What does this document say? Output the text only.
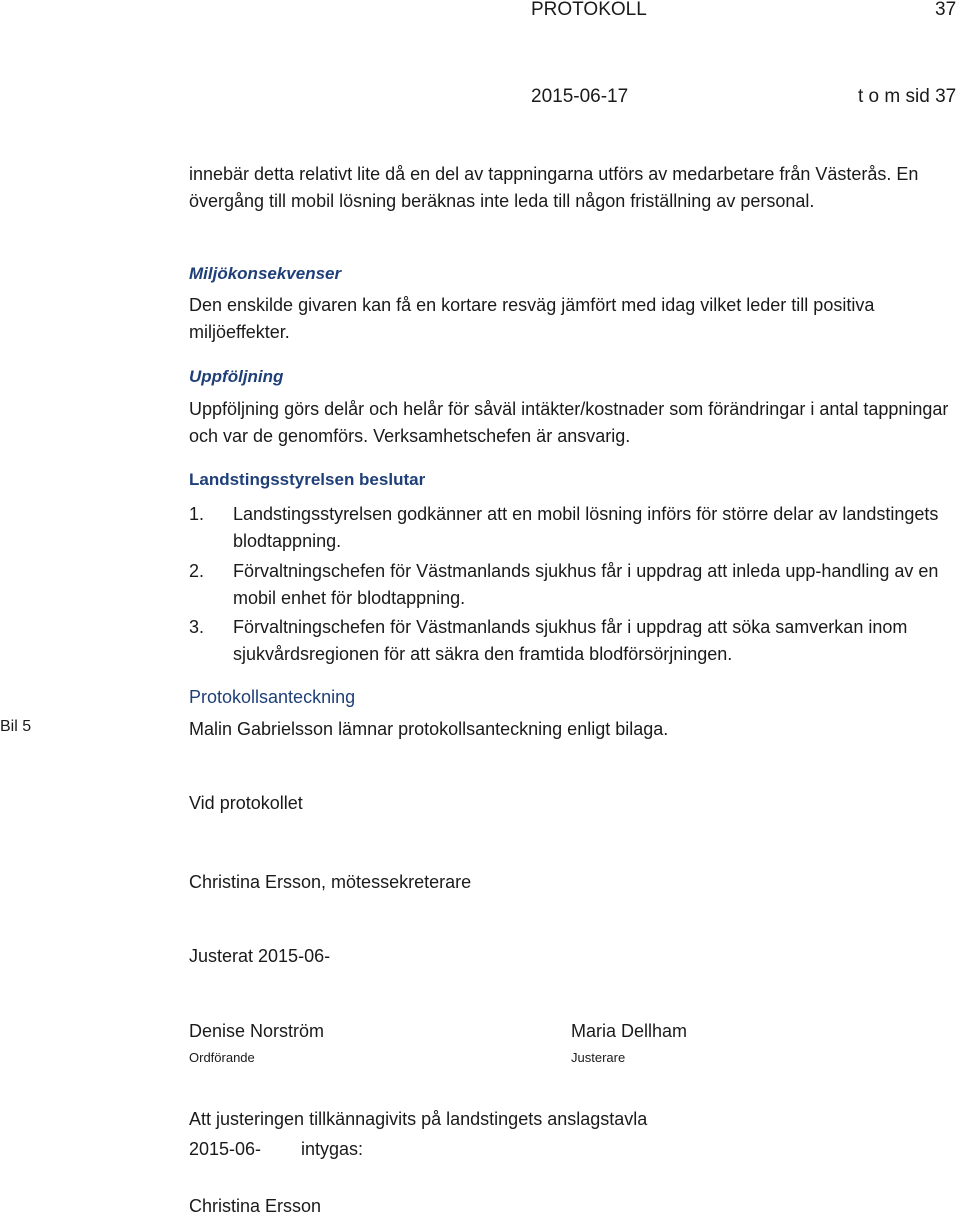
PROTOKOLL	37
2015-06-17	t o m sid 37

innebär detta relativt lite då en del av tappningarna utförs av medarbetare från Västerås. En övergång till mobil lösning beräknas inte leda till någon friställning av personal.

Miljökonsekvenser

Den enskilde givaren kan få en kortare resväg jämfört med idag vilket leder till positiva miljöeffekter.

Uppföljning

Uppföljning görs delår och helår för såväl intäkter/kostnader som förändringar i antal tappningar och var de genomförs. Verksamhetschefen är ansvarig.

Landstingsstyrelsen beslutar
1. Landstingsstyrelsen godkänner att en mobil lösning införs för större delar av landstingets blodtappning.
2. Förvaltningschefen för Västmanlands sjukhus får i uppdrag att inleda upp-handling av en mobil enhet för blodtappning.
3. Förvaltningschefen för Västmanlands sjukhus får i uppdrag att söka samverkan inom sjukvårdsregionen för att säkra den framtida blodförsörjningen.
Protokollsanteckning
Bil 5	Malin Gabrielsson lämnar protokollsanteckning enligt bilaga.
Vid protokollet
Christina Ersson, mötessekreterare
Justerat 2015-06-
Denise Norström
Ordförande
Maria Dellham
Justerare
Att justeringen tillkännagivits på landstingets anslagstavla
2015-06- intygas:
Christina Ersson
